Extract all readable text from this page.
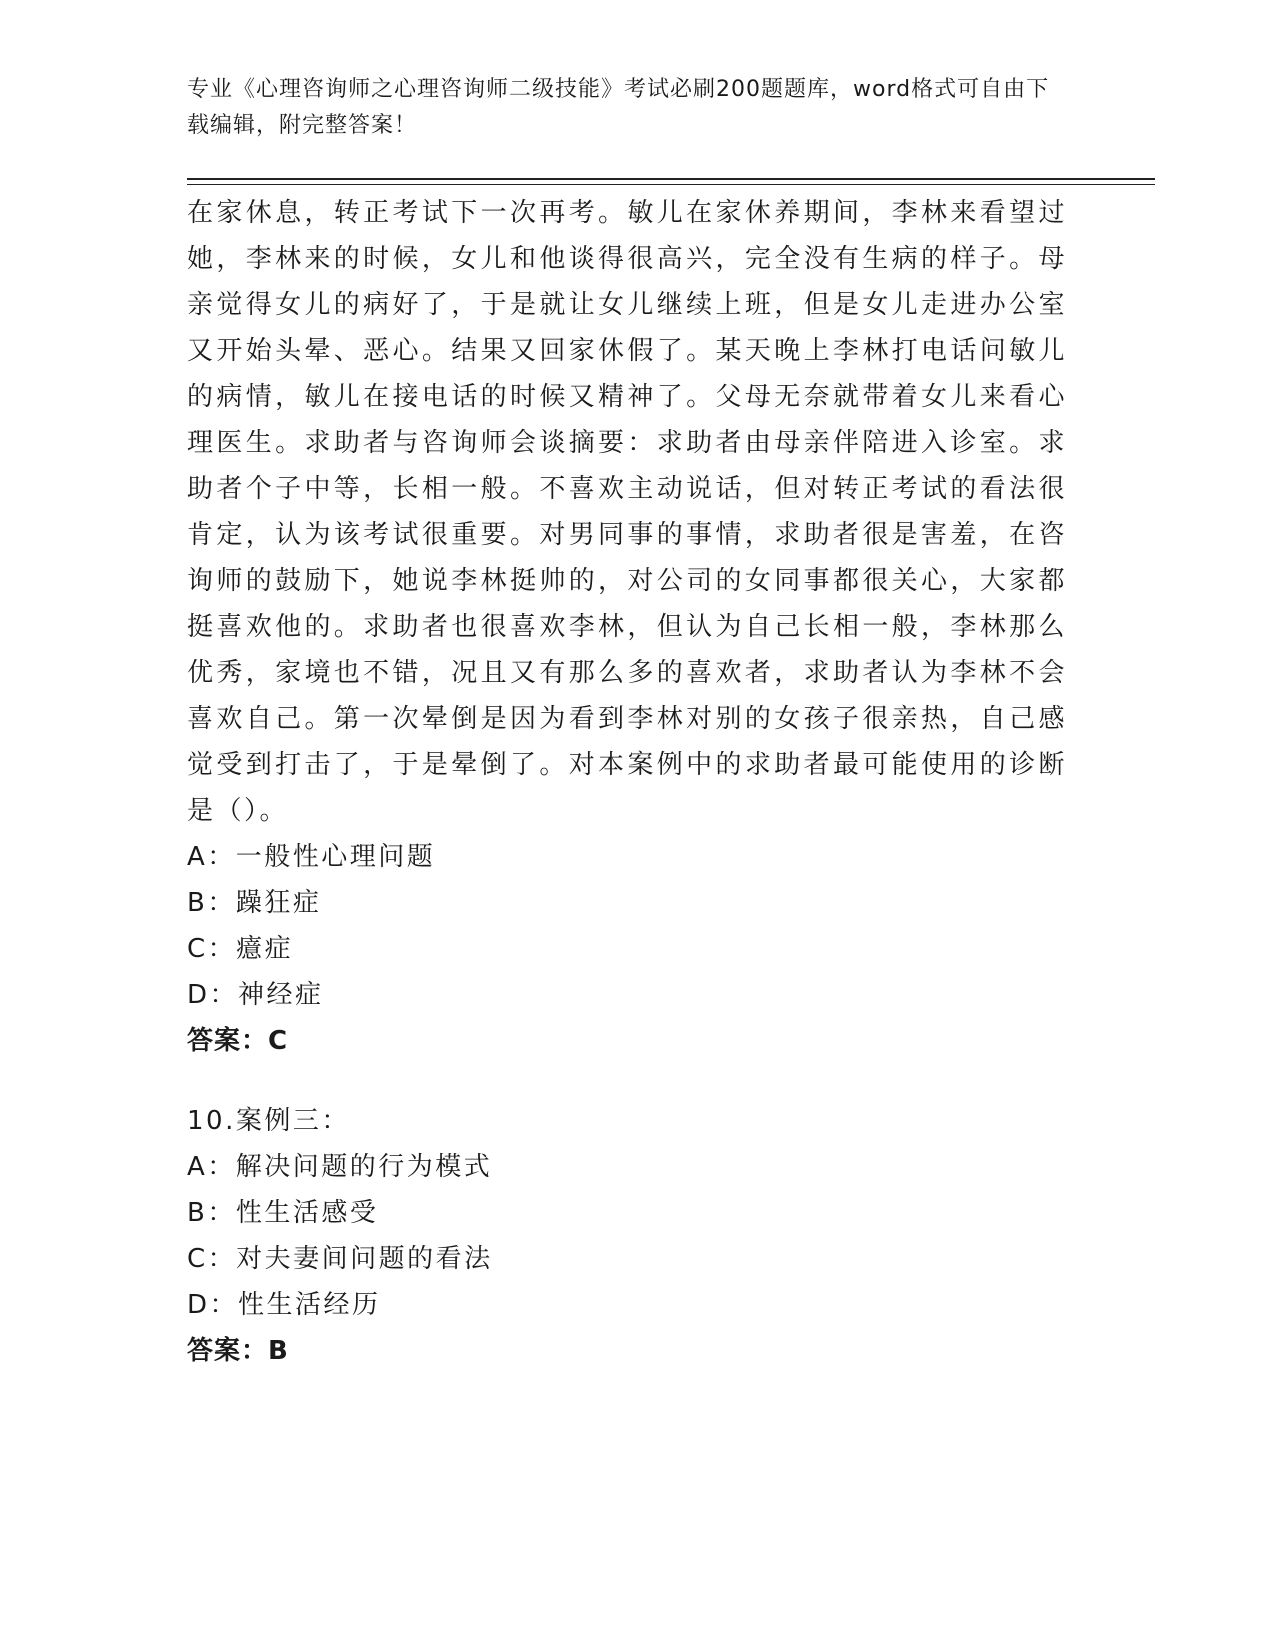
专业《心理咨询师之心理咨询师二级技能》考试必刷200题题库，word格式可自由下载编辑，附完整答案！

在家休息，转正考试下一次再考。敏儿在家休养期间，李林来看望过她，李林来的时候，女儿和他谈得很高兴，完全没有生病的样子。母亲觉得女儿的病好了，于是就让女儿继续上班，但是女儿走进办公室又开始头晕、恶心。结果又回家休假了。某天晚上李林打电话问敏儿的病情，敏儿在接电话的时候又精神了。父母无奈就带着女儿来看心理医生。求助者与咨询师会谈摘要：求助者由母亲伴陪进入诊室。求助者个子中等，长相一般。不喜欢主动说话，但对转正考试的看法很肯定，认为该考试很重要。对男同事的事情，求助者很是害羞，在咨询师的鼓励下，她说李林挺帅的，对公司的女同事都很关心，大家都挺喜欢他的。求助者也很喜欢李林，但认为自己长相一般，李林那么优秀，家境也不错，况且又有那么多的喜欢者，求助者认为李林不会喜欢自己。第一次晕倒是因为看到李林对别的女孩子很亲热，自己感觉受到打击了，于是晕倒了。对本案例中的求助者最可能使用的诊断是（）。

A：一般性心理问题

B：躁狂症

C：癔症

D：神经症

答案：C

10.案例三：

A：解决问题的行为模式

B：性生活感受

C：对夫妻间问题的看法

D：性生活经历

答案：B
